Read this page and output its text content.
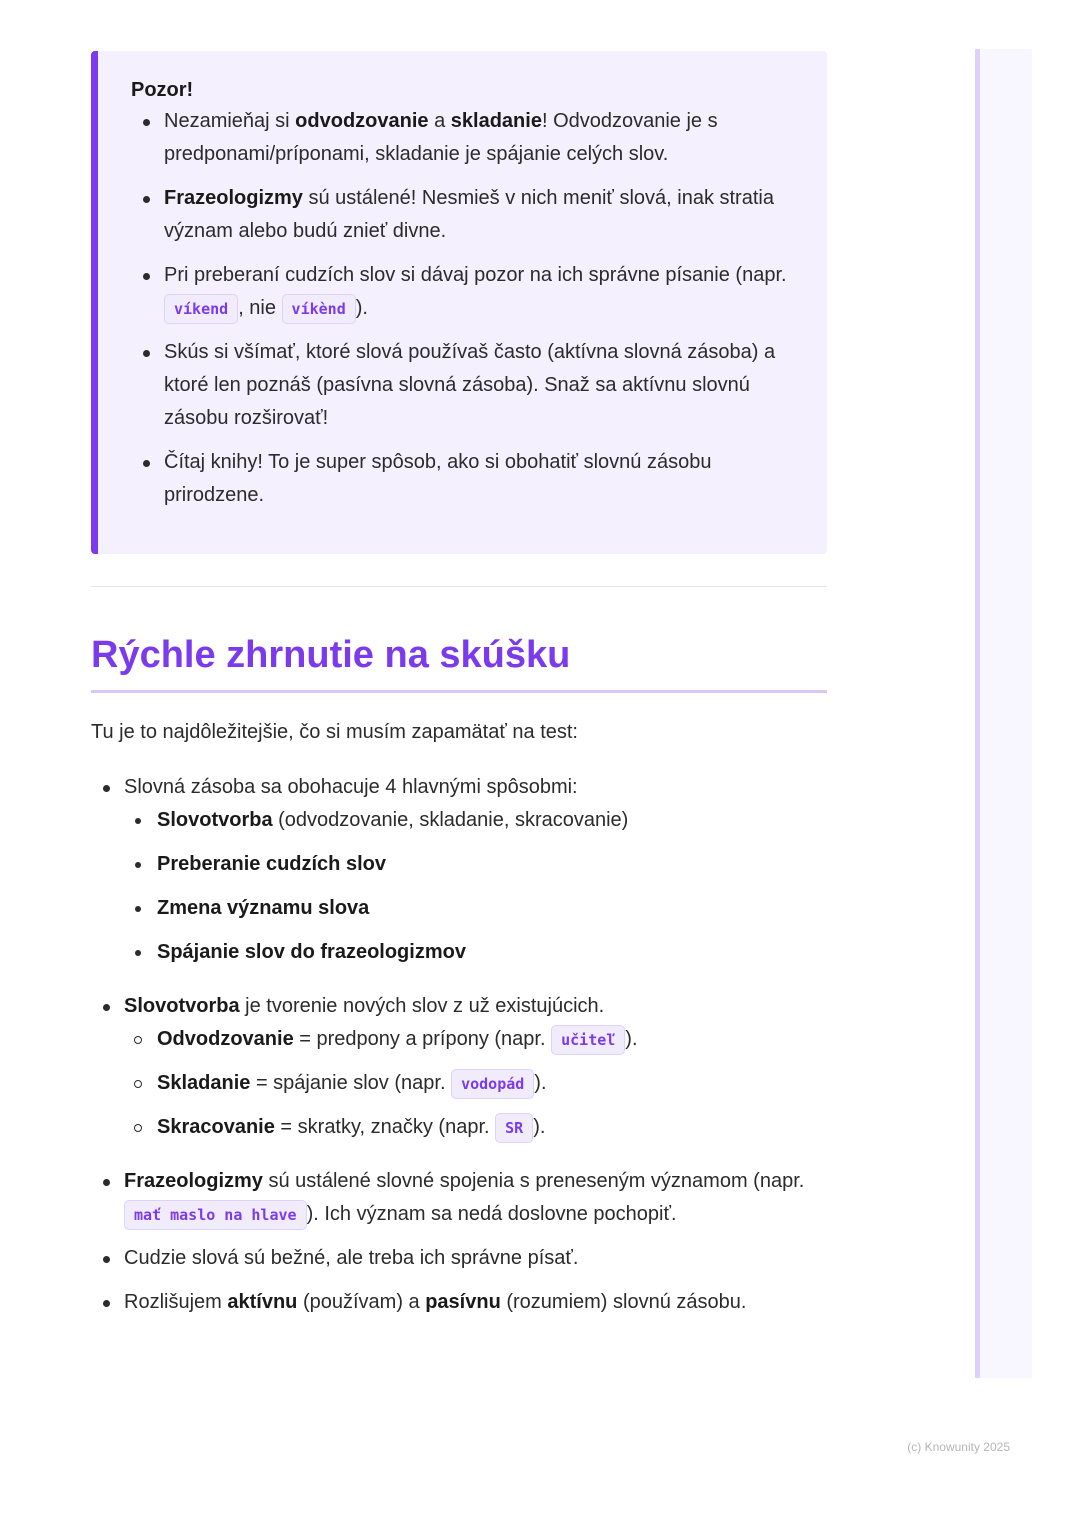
Pozor!
Nezamieňaj si odvodzovanie a skladanie! Odvodzovanie je s predponami/príponami, skladanie je spájanie celých slov.
Frazeologizmy sú ustálené! Nesmieš v nich meniť slová, inak stratia význam alebo budú znieť divne.
Pri preberaní cudzích slov si dávaj pozor na ich správne písanie (napr. víkend , nie víkènd ).
Skús si všímať, ktoré slová používaš často (aktívna slovná zásoba) a ktoré len poznáš (pasívna slovná zásoba). Snaž sa aktívnu slovnú zásobu rozširovať!
Čítaj knihy! To je super spôsob, ako si obohatiť slovnú zásobu prirodzene.
Rýchle zhrnutie na skúšku

Tu je to najdôležitejšie, čo si musím zapamätať na test:

Slovná zásoba sa obohacuje 4 hlavnými spôsobmi:
Slovotvorba (odvodzovanie, skladanie, skracovanie)
Preberanie cudzích slov
Zmena významu slova
Spájanie slov do frazeologizmov
Slovotvorba je tvorenie nových slov z už existujúcich.
Odvodzovanie = predpony a prípony (napr. učiteľ ).
Skladanie = spájanie slov (napr. vodopád ).
Skracovanie = skratky, značky (napr. SR ).
Frazeologizmy sú ustálené slovné spojenia s preneseným významom (napr. mať maslo na hlave ). Ich význam sa nedá doslovne pochopiť.
Cudzie slová sú bežné, ale treba ich správne písať.
Rozlišujem aktívnu (používam) a pasívnu (rozumiem) slovnú zásobu.
(c) Knowunity 2025
